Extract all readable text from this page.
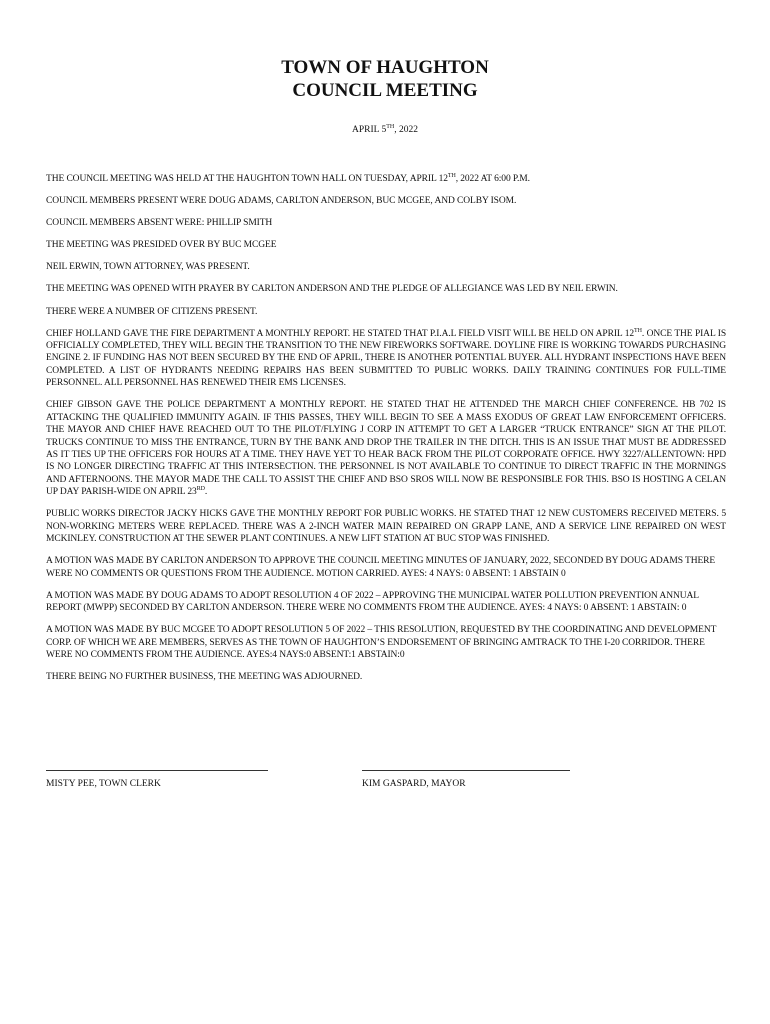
TOWN OF HAUGHTON
COUNCIL MEETING
APRIL 5TH, 2022

THE COUNCIL MEETING WAS HELD AT THE HAUGHTON TOWN HALL ON TUESDAY, APRIL 12TH, 2022 AT 6:00 P.M.

COUNCIL MEMBERS PRESENT WERE DOUG ADAMS, CARLTON ANDERSON, BUC MCGEE, AND COLBY ISOM.

COUNCIL MEMBERS ABSENT WERE: PHILLIP SMITH

THE MEETING WAS PRESIDED OVER BY BUC MCGEE

NEIL ERWIN, TOWN ATTORNEY, WAS PRESENT.

THE MEETING WAS OPENED WITH PRAYER BY CARLTON ANDERSON AND THE PLEDGE OF ALLEGIANCE WAS LED BY NEIL ERWIN.

THERE WERE A NUMBER OF CITIZENS PRESENT.

CHIEF HOLLAND GAVE THE FIRE DEPARTMENT A MONTHLY REPORT. HE STATED THAT P.I.A.L FIELD VISIT WILL BE HELD ON APRIL 12TH. ONCE THE PIAL IS OFFICIALLY COMPLETED, THEY WILL BEGIN THE TRANSITION TO THE NEW FIREWORKS SOFTWARE. DOYLINE FIRE IS WORKING TOWARDS PURCHASING ENGINE 2. IF FUNDING HAS NOT BEEN SECURED BY THE END OF APRIL, THERE IS ANOTHER POTENTIAL BUYER. ALL HYDRANT INSPECTIONS HAVE BEEN COMPLETED. A LIST OF HYDRANTS NEEDING REPAIRS HAS BEEN SUBMITTED TO PUBLIC WORKS. DAILY TRAINING CONTINUES FOR FULL-TIME PERSONNEL. ALL PERSONNEL HAS RENEWED THEIR EMS LICENSES.

CHIEF GIBSON GAVE THE POLICE DEPARTMENT A MONTHLY REPORT. HE STATED THAT HE ATTENDED THE MARCH CHIEF CONFERENCE. HB 702 IS ATTACKING THE QUALIFIED IMMUNITY AGAIN. IF THIS PASSES, THEY WILL BEGIN TO SEE A MASS EXODUS OF GREAT LAW ENFORCEMENT OFFICERS. THE MAYOR AND CHIEF HAVE REACHED OUT TO THE PILOT/FLYING J CORP IN ATTEMPT TO GET A LARGER “TRUCK ENTRANCE” SIGN AT THE PILOT. TRUCKS CONTINUE TO MISS THE ENTRANCE, TURN BY THE BANK AND DROP THE TRAILER IN THE DITCH. THIS IS AN ISSUE THAT MUST BE ADDRESSED AS IT TIES UP THE OFFICERS FOR HOURS AT A TIME. THEY HAVE YET TO HEAR BACK FROM THE PILOT CORPORATE OFFICE. HWY 3227/ALLENTOWN: HPD IS NO LONGER DIRECTING TRAFFIC AT THIS INTERSECTION. THE PERSONNEL IS NOT AVAILABLE TO CONTINUE TO DIRECT TRAFFIC IN THE MORNINGS AND AFTERNOONS. THE MAYOR MADE THE CALL TO ASSIST THE CHIEF AND BSO SROS WILL NOW BE RESPONSIBLE FOR THIS. BSO IS HOSTING A CELAN UP DAY PARISH-WIDE ON APRIL 23RD.

PUBLIC WORKS DIRECTOR JACKY HICKS GAVE THE MONTHLY REPORT FOR PUBLIC WORKS. HE STATED THAT 12 NEW CUSTOMERS RECEIVED METERS. 5 NON-WORKING METERS WERE REPLACED. THERE WAS A 2-INCH WATER MAIN REPAIRED ON GRAPP LANE, AND A SERVICE LINE REPAIRED ON WEST MCKINLEY. CONSTRUCTION AT THE SEWER PLANT CONTINUES. A NEW LIFT STATION AT BUC STOP WAS FINISHED.

A MOTION WAS MADE BY CARLTON ANDERSON TO APPROVE THE COUNCIL MEETING MINUTES OF JANUARY, 2022, SECONDED BY DOUG ADAMS THERE WERE NO COMMENTS OR QUESTIONS FROM THE AUDIENCE. MOTION CARRIED. AYES: 4 NAYS: 0 ABSENT: 1 ABSTAIN 0

A MOTION WAS MADE BY DOUG ADAMS TO ADOPT RESOLUTION 4 OF 2022 – APPROVING THE MUNICIPAL WATER POLLUTION PREVENTION ANNUAL REPORT (MWPP) SECONDED BY CARLTON ANDERSON. THERE WERE NO COMMENTS FROM THE AUDIENCE. AYES: 4 NAYS: 0 ABSENT: 1 ABSTAIN: 0

A MOTION WAS MADE BY BUC MCGEE TO ADOPT RESOLUTION 5 OF 2022 – THIS RESOLUTION, REQUESTED BY THE COORDINATING AND DEVELOPMENT CORP. OF WHICH WE ARE MEMBERS, SERVES AS THE TOWN OF HAUGHTON’S ENDORSEMENT OF BRINGING AMTRACK TO THE I-20 CORRIDOR. THERE WERE NO COMMENTS FROM THE AUDIENCE. AYES:4 NAYS:0 ABSENT:1 ABSTAIN:0

THERE BEING NO FURTHER BUSINESS, THE MEETING WAS ADJOURNED.

MISTY PEE, TOWN CLERK	KIM GASPARD, MAYOR
